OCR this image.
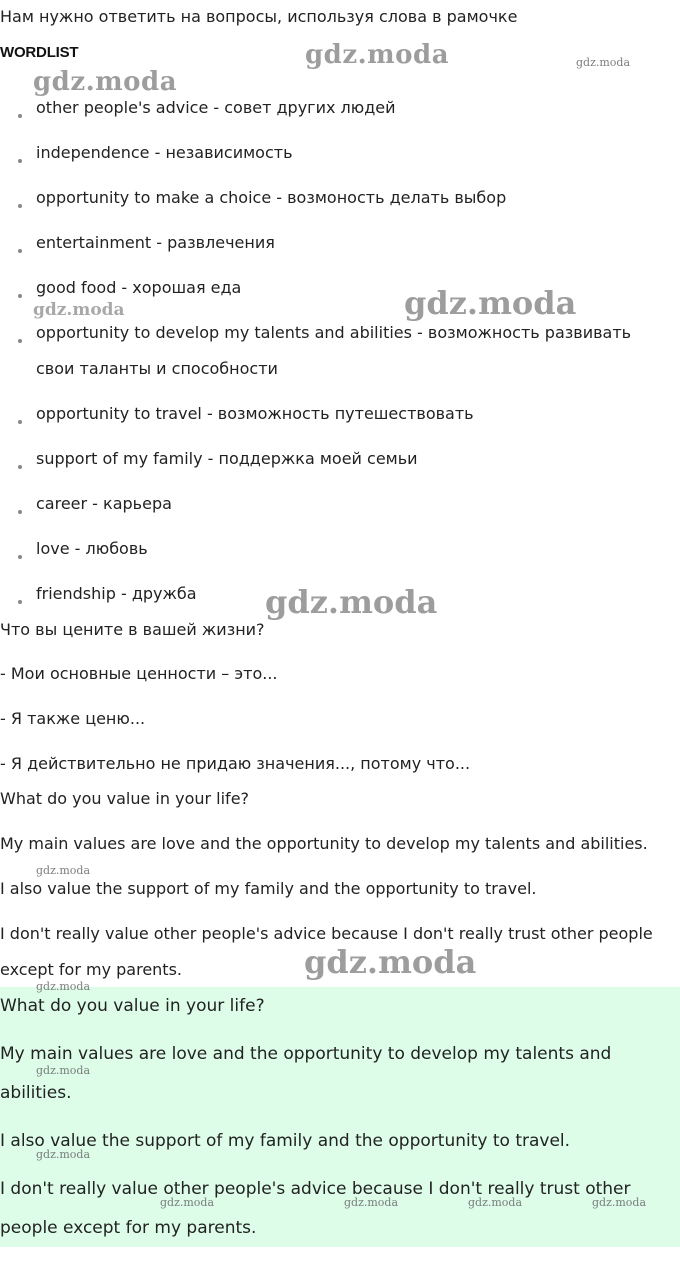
Нам нужно ответить на вопросы, используя слова в рамочке
WORDLIST
other people's advice - совет других людей
independence - независимость
opportunity to make a choice - возмоность делать выбор
entertainment - развлечения
good food - хорошая еда
opportunity to develop my talents and abilities - возможность развивать свои таланты и способности
opportunity to travel - возможность путешествовать
support of my family - поддержка моей семьи
career - карьера
love - любовь
friendship - дружба
Что вы цените в вашей жизни?
- Мои основные ценности – это...
- Я также ценю...
- Я действительно не придаю значения..., потому что...
What do you value in your life?
My main values are love and the opportunity to develop my talents and abilities.
I also value the support of my family and the opportunity to travel.
I don't really value other people's advice because I don't really trust other people except for my parents.
What do you value in your life?
My main values are love and the opportunity to develop my talents and abilities.
I also value the support of my family and the opportunity to travel.
I don't really value other people's advice because I don't really trust other people except for my parents.
gdz.moda	gdz.moda
gdz.moda
gdz.moda
gdz.moda
gdz.moda
gdz.moda
gdz.moda
gdz.moda
gdz.moda
gdz.moda
gdz.moda	gdz.moda	gdz.moda	gdz.moda
